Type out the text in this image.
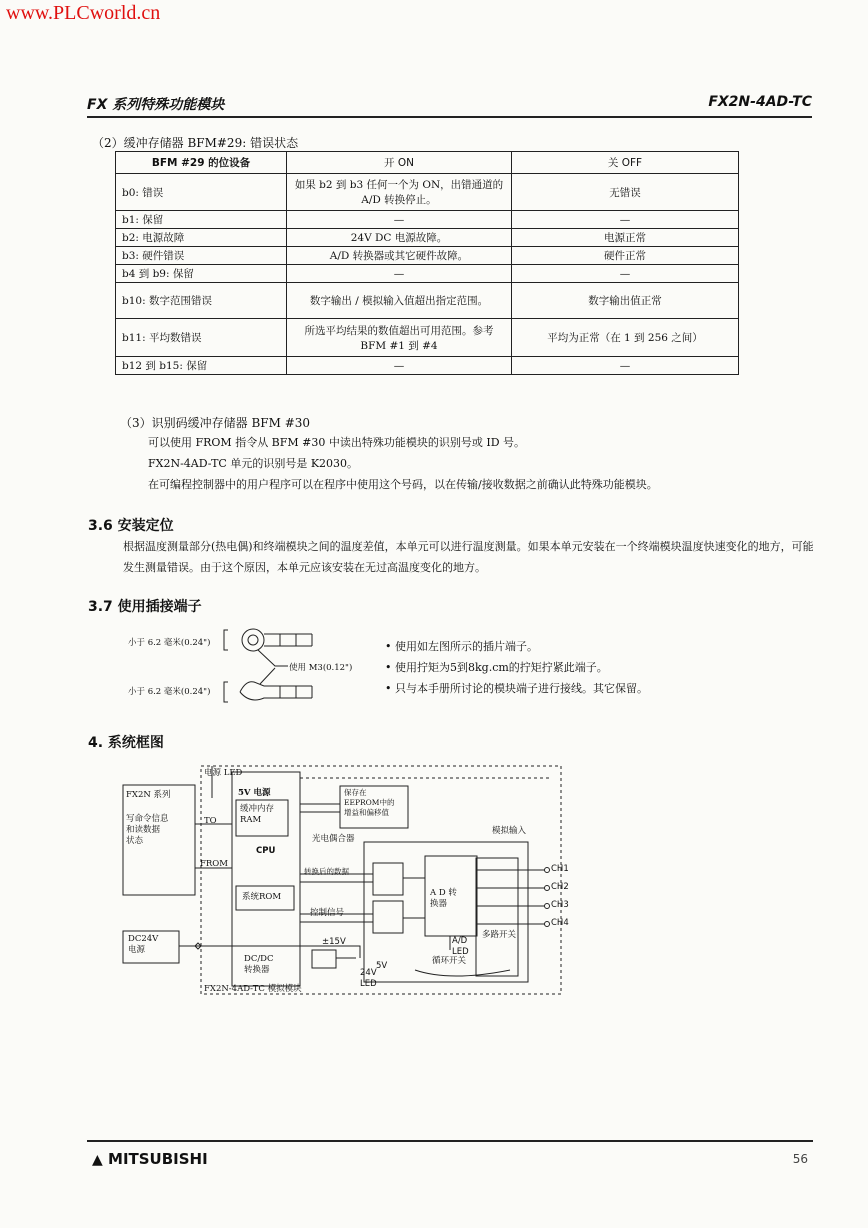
www.PLCworld.cn
FX 系列特殊功能模块	FX2N-4AD-TC
（2）缓冲存储器 BFM#29: 错误状态
BFM #29 的位设备	开 ON	关 OFF
b0: 错误	如果 b2 到 b3 任何一个为 ON，出错通道的 A/D 转换停止。	无错误
b1: 保留	—	—
b2: 电源故障	24V DC 电源故障。	电源正常
b3: 硬件错误	A/D 转换器或其它硬件故障。	硬件正常
b4 到 b9: 保留	—	—
b10: 数字范围错误	数字输出 / 模拟输入值超出指定范围。	数字输出值正常
b11: 平均数错误	所选平均结果的数值超出可用范围。参考 BFM #1 到 #4	平均为正常（在 1 到 256 之间）
b12 到 b15: 保留	—	—
（3）识别码缓冲存储器 BFM #30
可以使用 FROM 指令从 BFM #30 中读出特殊功能模块的识别号或 ID 号。
FX2N-4AD-TC 单元的识别号是 K2030。
在可编程控制器中的用户程序可以在程序中使用这个号码，以在传输/接收数据之前确认此特殊功能模块。
3.6 安装定位
根据温度测量部分(热电偶)和终端模块之间的温度差值，本单元可以进行温度测量。如果本单元安装在一个终端模块温度快速变化的地方，可能发生测量错误。由于这个原因，本单元应该安装在无过高温度变化的地方。
3.7 使用插接端子
小于 6.2 毫米(0.24")
使用 M3(0.12")
小于 6.2 毫米(0.24")
• 使用如左图所示的插片端子。
• 使用拧矩为5到8kg.cm的拧矩拧紧此端子。
• 只与本手册所讨论的模块端子进行接线。其它保留。
4. 系统框图
电源 LED
FX2N 系列
写命令信息
和读数据
状态
TO
FROM
5V 电源
缓冲内存
RAM
CPU
系统ROM
保存在
EEPROM中的
增益和偏移值
光电偶合器
转换后的数据
控制信号
A D 转
换器
模拟输入
CH1
CH2
CH3
CH4
多路开关
A/D
LED
循环开关
DC24V
电源
±15V
5V
DC/DC
转换器	24V
LED
FX2N-4AD-TC 模拟模块
▲ MITSUBISHI	56
